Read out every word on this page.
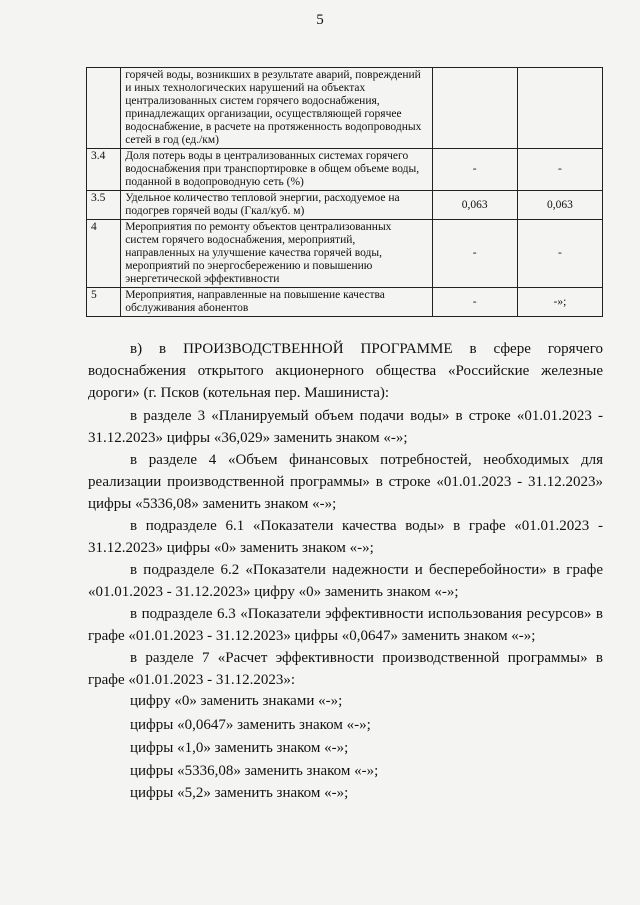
5
	горячей воды, возникших в результате аварий, повреждений и иных технологических нарушений на объектах централизованных систем горячего водоснабжения, принадлежащих организации, осуществляющей горячее водоснабжение, в расчете на протяженность водопроводных сетей в год (ед./км)		
3.4	Доля потерь воды в централизованных системах горячего водоснабжения при транспортировке в общем объеме воды, поданной в водопроводную сеть (%)	-	-
3.5	Удельное количество тепловой энергии, расходуемое на подогрев горячей воды (Гкал/куб. м)	0,063	0,063
4	Мероприятия по ремонту объектов централизованных систем горячего водоснабжения, мероприятий, направленных на улучшение качества горячей воды, мероприятий по энергосбережению и повышению энергетической эффективности	-	-
5	Мероприятия, направленные на повышение качества обслуживания абонентов	-	-»;
в) в ПРОИЗВОДСТВЕННОЙ ПРОГРАММЕ в сфере горячего водоснабжения открытого акционерного общества «Российские железные дороги» (г. Псков (котельная пер. Машиниста):
в разделе 3 «Планируемый объем подачи воды» в строке «01.01.2023 - 31.12.2023» цифры «36,029» заменить знаком «-»;
в разделе 4 «Объем финансовых потребностей, необходимых для реализации производственной программы» в строке «01.01.2023 - 31.12.2023» цифры «5336,08» заменить знаком «-»;
в подразделе 6.1 «Показатели качества воды» в графе «01.01.2023 - 31.12.2023» цифры «0» заменить знаком «-»;
в подразделе 6.2 «Показатели надежности и бесперебойности» в графе «01.01.2023 - 31.12.2023» цифру «0» заменить знаком «-»;
в подразделе 6.3 «Показатели эффективности использования ресурсов» в графе «01.01.2023 - 31.12.2023» цифры «0,0647» заменить знаком «-»;
в разделе 7 «Расчет эффективности производственной программы» в графе «01.01.2023 - 31.12.2023»:
цифру «0» заменить знаками «-»;
цифры «0,0647» заменить знаком «-»;
цифры «1,0» заменить знаком «-»;
цифры «5336,08» заменить знаком «-»;
цифры «5,2» заменить знаком «-»;
